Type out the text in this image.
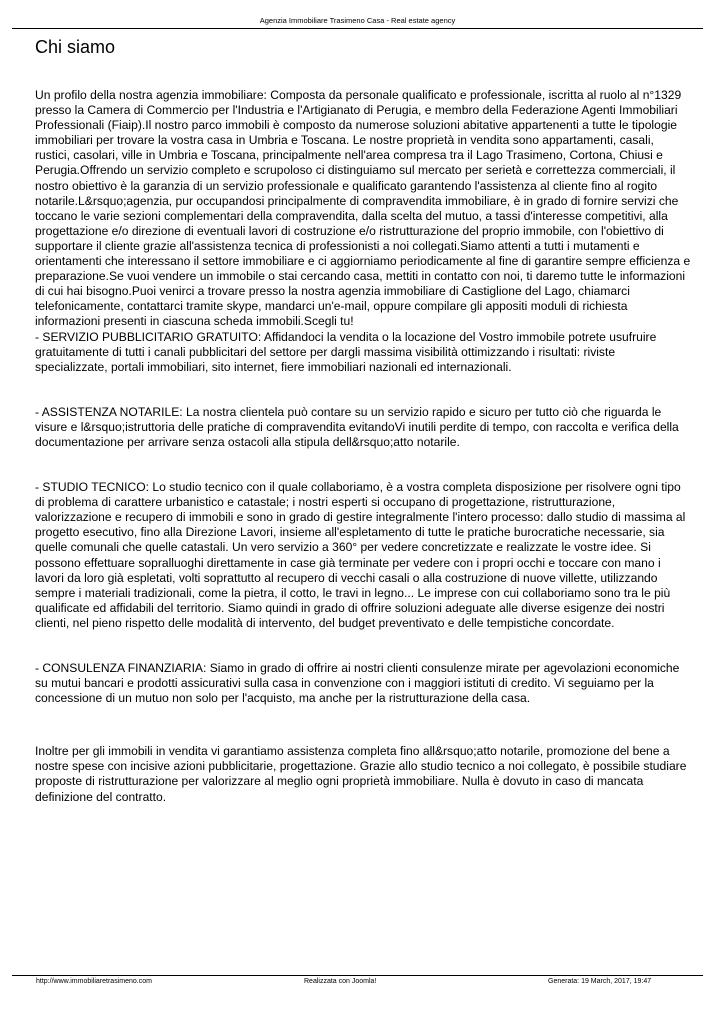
Agenzia Immobiliare Trasimeno Casa - Real estate agency
Chi siamo

Un profilo della nostra agenzia immobiliare: Composta da personale qualificato e professionale, iscritta al ruolo al n°1329 presso la Camera di Commercio per l'Industria e l'Artigianato di Perugia, e membro della Federazione Agenti Immobiliari Professionali (Fiaip).Il nostro parco immobili è composto da numerose soluzioni abitative appartenenti a tutte le tipologie immobiliari per trovare la vostra casa in Umbria e Toscana. Le nostre proprietà in vendita sono appartamenti, casali, rustici, casolari, ville in Umbria e Toscana, principalmente nell'area compresa tra il Lago Trasimeno, Cortona, Chiusi e Perugia.Offrendo un servizio completo e scrupoloso ci distinguiamo sul mercato per serietà e correttezza commerciali, il nostro obiettivo è la garanzia di un servizio professionale e qualificato garantendo l'assistenza al cliente fino al rogito notarile.L&rsquo;agenzia, pur occupandosi principalmente di compravendita immobiliare, è in grado di fornire servizi che toccano le varie sezioni complementari della compravendita, dalla scelta del mutuo, a tassi d'interesse competitivi, alla progettazione e/o direzione di eventuali lavori di costruzione e/o ristrutturazione del proprio immobile, con l'obiettivo di supportare il cliente grazie all'assistenza tecnica di professionisti a noi collegati.Siamo attenti a tutti i mutamenti e orientamenti che interessano il settore immobiliare e ci aggiorniamo periodicamente al fine di garantire sempre efficienza e preparazione.Se vuoi vendere un immobile o stai cercando casa, mettiti in contatto con noi, ti daremo tutte le informazioni di cui hai bisogno.Puoi venirci a trovare presso la nostra agenzia immobiliare di Castiglione del Lago, chiamarci telefonicamente, contattarci tramite skype, mandarci un'e-mail, oppure compilare gli appositi moduli di richiesta informazioni presenti in ciascuna scheda immobili.Scegli tu!

- SERVIZIO PUBBLICITARIO GRATUITO: Affidandoci la vendita o la locazione del Vostro immobile potrete usufruire gratuitamente di tutti i canali pubblicitari del settore per dargli massima visibilità ottimizzando i risultati: riviste specializzate, portali immobiliari, sito internet, fiere immobiliari nazionali ed internazionali.

- ASSISTENZA NOTARILE: La nostra clientela può contare su un servizio rapido e sicuro per tutto ciò che riguarda le visure e l&rsquo;istruttoria delle pratiche di compravendita evitandoVi inutili perdite di tempo, con raccolta e verifica della documentazione per arrivare senza ostacoli alla stipula dell&rsquo;atto notarile.

- STUDIO TECNICO: Lo studio tecnico con il quale collaboriamo, è a vostra completa disposizione per risolvere ogni tipo di problema di carattere urbanistico e catastale; i nostri esperti si occupano di progettazione, ristrutturazione, valorizzazione e recupero di immobili e sono in grado di gestire integralmente l'intero processo: dallo studio di massima al progetto esecutivo, fino alla Direzione Lavori, insieme all'espletamento di tutte le pratiche burocratiche necessarie, sia quelle comunali che quelle catastali. Un vero servizio a 360° per vedere concretizzate e realizzate le vostre idee. Si possono effettuare sopralluoghi direttamente in case già terminate per vedere con i propri occhi e toccare con mano i lavori da loro già espletati, volti soprattutto al recupero di vecchi casali o alla costruzione di nuove villette, utilizzando sempre i materiali tradizionali, come la pietra, il cotto, le travi in legno... Le imprese con cui collaboriamo sono tra le più qualificate ed affidabili del territorio. Siamo quindi in grado di offrire soluzioni adeguate alle diverse esigenze dei nostri clienti, nel pieno rispetto delle modalità di intervento, del budget preventivato e delle tempistiche concordate.

- CONSULENZA FINANZIARIA: Siamo in grado di offrire ai nostri clienti consulenze mirate per agevolazioni economiche su mutui bancari e prodotti assicurativi sulla casa in convenzione con i maggiori istituti di credito. Vi seguiamo per la concessione di un mutuo non solo per l'acquisto, ma anche per la ristrutturazione della casa.

Inoltre per gli immobili in vendita vi garantiamo assistenza completa fino all&rsquo;atto notarile, promozione del bene a nostre spese con incisive azioni pubblicitarie, progettazione. Grazie allo studio tecnico a noi collegato, è possibile studiare proposte di ristrutturazione per valorizzare al meglio ogni proprietà immobiliare. Nulla è dovuto in caso di mancata definizione del contratto.

http://www.immobiliaretrasimeno.com	Realizzata con Joomla!	Generata: 19 March, 2017, 19:47
